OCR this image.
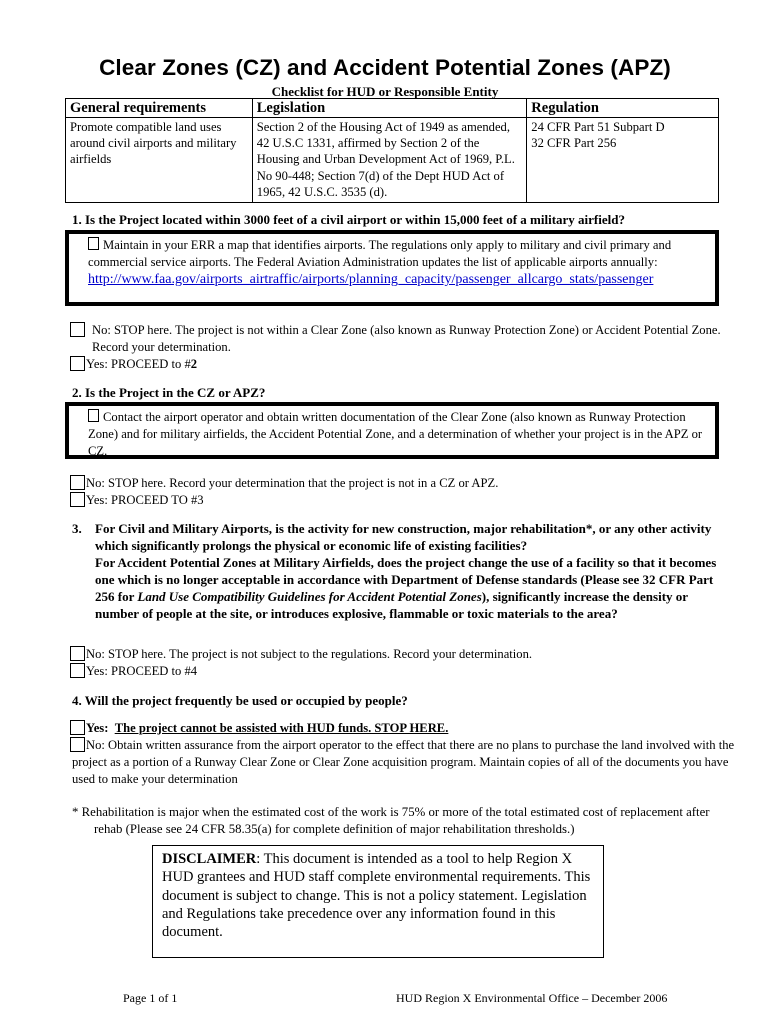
Clear Zones (CZ) and Accident Potential Zones (APZ)
Checklist for HUD or Responsible Entity
General requirements	Legislation	Regulation
Promote compatible land uses around civil airports and military airfields	Section 2 of the Housing Act of 1949 as amended, 42 U.S.C 1331, affirmed by Section 2 of the Housing and Urban Development Act of 1969, P.L. No 90-448; Section 7(d) of the Dept HUD Act of 1965, 42 U.S.C. 3535 (d).	24 CFR Part 51 Subpart D
32 CFR Part 256
1. Is the Project located within 3000 feet of a civil airport or within 15,000 feet of a military airfield?
Maintain in your ERR a map that identifies airports. The regulations only apply to military and civil primary and commercial service airports. The Federal Aviation Administration updates the list of applicable airports annually:
http://www.faa.gov/airports_airtraffic/airports/planning_capacity/passenger_allcargo_stats/passenger
No: STOP here. The project is not within a Clear Zone (also known as Runway Protection Zone) or Accident Potential Zone. Record your determination.
Yes: PROCEED to #2
2. Is the Project in the CZ or APZ?
Contact the airport operator and obtain written documentation of the Clear Zone (also known as Runway Protection Zone) and for military airfields, the Accident Potential Zone, and a determination of whether your project is in the APZ or CZ.
No: STOP here. Record your determination that the project is not in a CZ or APZ.
Yes: PROCEED TO #3
3. For Civil and Military Airports, is the activity for new construction, major rehabilitation*, or any other activity which significantly prolongs the physical or economic life of existing facilities?
For Accident Potential Zones at Military Airfields, does the project change the use of a facility so that it becomes one which is no longer acceptable in accordance with Department of Defense standards (Please see 32 CFR Part 256 for Land Use Compatibility Guidelines for Accident Potential Zones), significantly increase the density or number of people at the site, or introduces explosive, flammable or toxic materials to the area?
No: STOP here. The project is not subject to the regulations. Record your determination.
Yes: PROCEED to #4
4. Will the project frequently be used or occupied by people?
Yes: The project cannot be assisted with HUD funds. STOP HERE.
No: Obtain written assurance from the airport operator to the effect that there are no plans to purchase the land involved with the project as a portion of a Runway Clear Zone or Clear Zone acquisition program. Maintain copies of all of the documents you have used to make your determination
* Rehabilitation is major when the estimated cost of the work is 75% or more of the total estimated cost of replacement after rehab (Please see 24 CFR 58.35(a) for complete definition of major rehabilitation thresholds.)
DISCLAIMER: This document is intended as a tool to help Region X HUD grantees and HUD staff complete environmental requirements. This document is subject to change. This is not a policy statement. Legislation and Regulations take precedence over any information found in this document.
Page 1 of 1	HUD Region X Environmental Office – December 2006
